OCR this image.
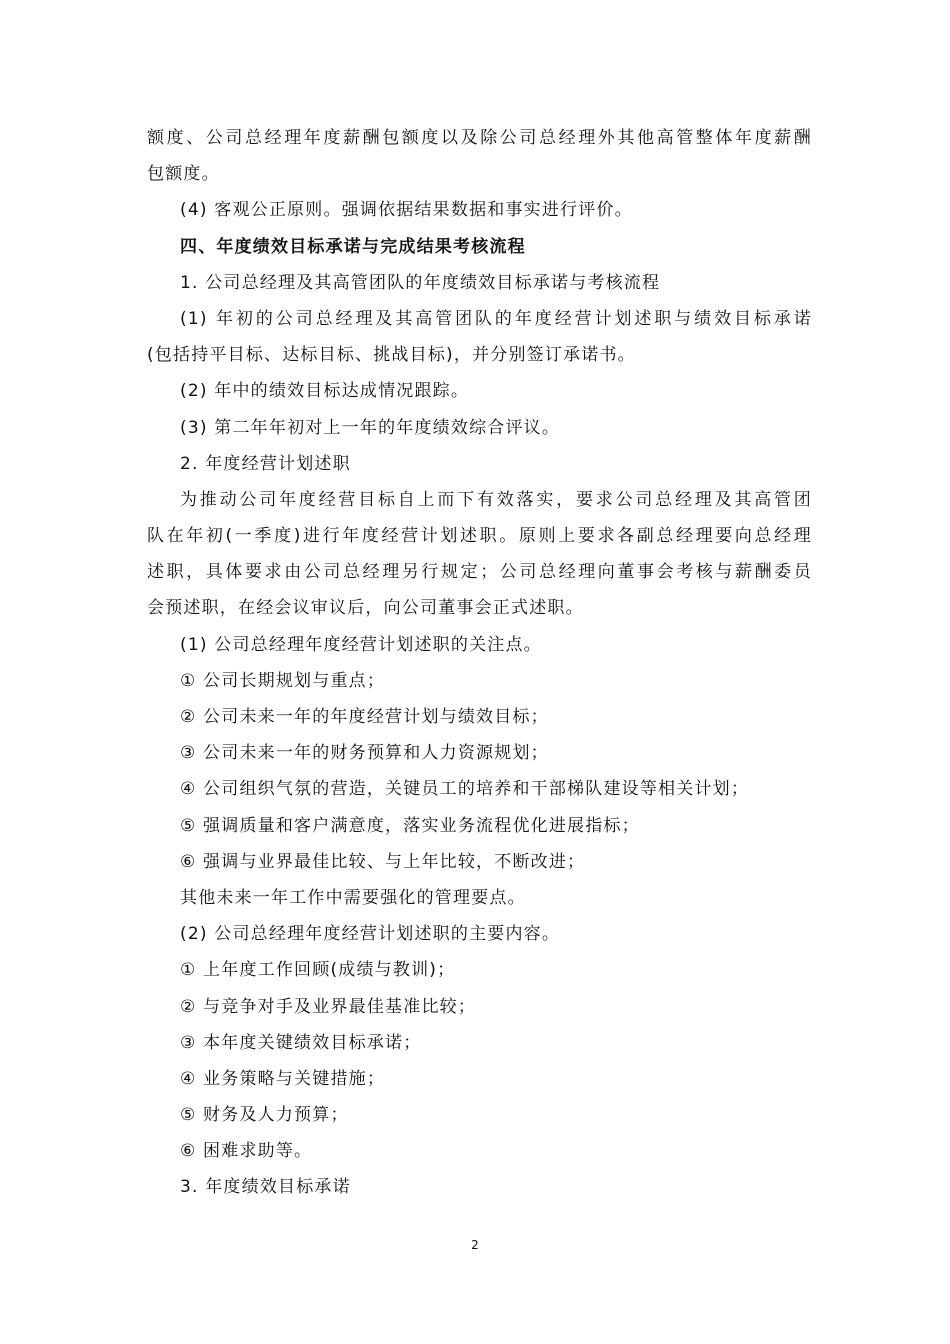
额度、公司总经理年度薪酬包额度以及除公司总经理外其他高管整体年度薪酬
包额度。
(4) 客观公正原则。强调依据结果数据和事实进行评价。
四、年度绩效目标承诺与完成结果考核流程
1. 公司总经理及其高管团队的年度绩效目标承诺与考核流程
(1) 年初的公司总经理及其高管团队的年度经营计划述职与绩效目标承诺
(包括持平目标、达标目标、挑战目标)，并分别签订承诺书。
(2) 年中的绩效目标达成情况跟踪。
(3) 第二年年初对上一年的年度绩效综合评议。
2. 年度经营计划述职
为推动公司年度经营目标自上而下有效落实，要求公司总经理及其高管团
队在年初(一季度)进行年度经营计划述职。原则上要求各副总经理要向总经理
述职，具体要求由公司总经理另行规定；公司总经理向董事会考核与薪酬委员
会预述职，在经会议审议后，向公司董事会正式述职。
(1) 公司总经理年度经营计划述职的关注点。
① 公司长期规划与重点；
② 公司未来一年的年度经营计划与绩效目标；
③ 公司未来一年的财务预算和人力资源规划；
④ 公司组织气氛的营造，关键员工的培养和干部梯队建设等相关计划；
⑤ 强调质量和客户满意度，落实业务流程优化进展指标；
⑥ 强调与业界最佳比较、与上年比较，不断改进；
其他未来一年工作中需要强化的管理要点。
(2) 公司总经理年度经营计划述职的主要内容。
① 上年度工作回顾(成绩与教训)；
② 与竞争对手及业界最佳基准比较；
③ 本年度关键绩效目标承诺；
④ 业务策略与关键措施；
⑤ 财务及人力预算；
⑥ 困难求助等。
3. 年度绩效目标承诺
2
